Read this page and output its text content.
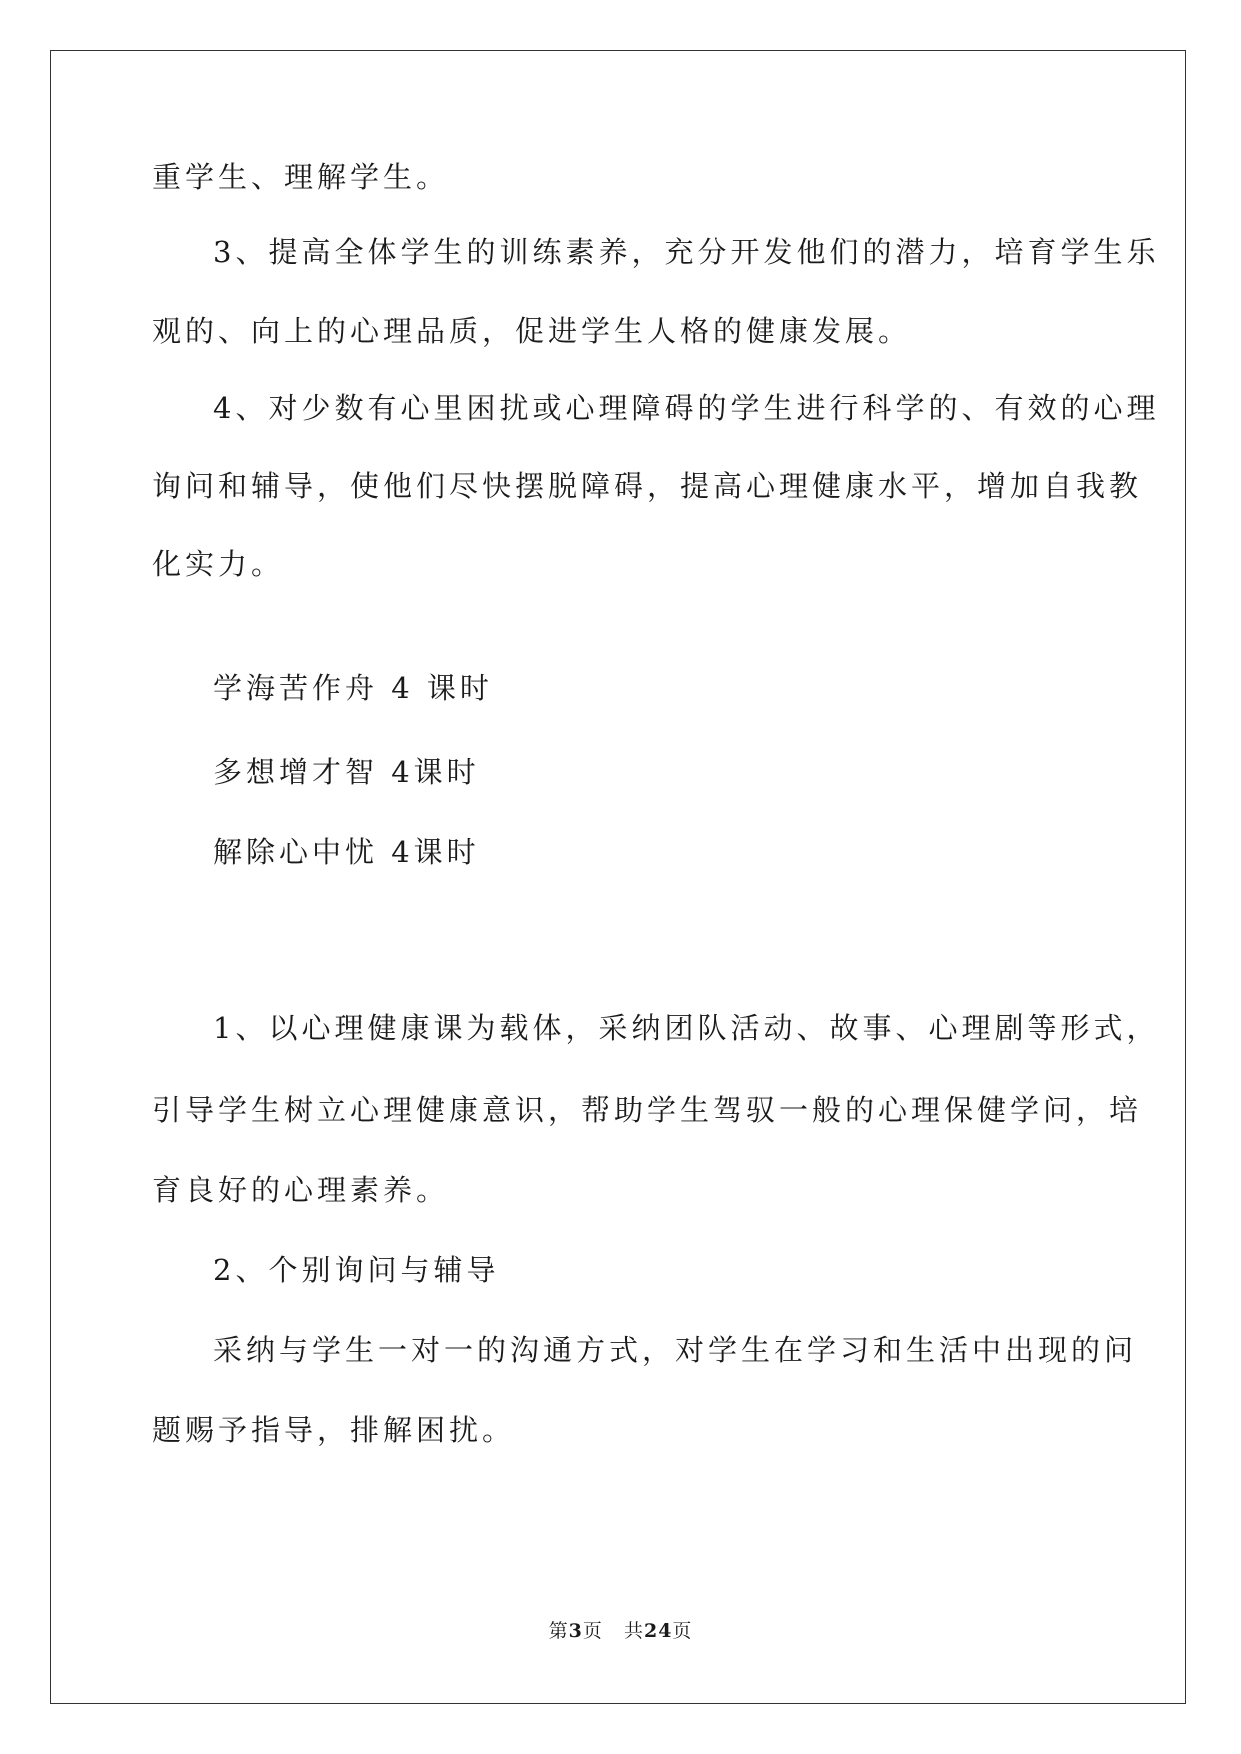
重学生、理解学生。
3、提高全体学生的训练素养，充分开发他们的潜力，培育学生乐
观的、向上的心理品质，促进学生人格的健康发展。
4、对少数有心里困扰或心理障碍的学生进行科学的、有效的心理
询问和辅导，使他们尽快摆脱障碍，提高心理健康水平，增加自我教
化实力。
学海苦作舟 4 课时
多想增才智 4课时
解除心中忧 4课时
1、以心理健康课为载体，采纳团队活动、故事、心理剧等形式，
引导学生树立心理健康意识，帮助学生驾驭一般的心理保健学问，培
育良好的心理素养。
2、个别询问与辅导
采纳与学生一对一的沟通方式，对学生在学习和生活中出现的问
题赐予指导，排解困扰。
第3页 共24页
